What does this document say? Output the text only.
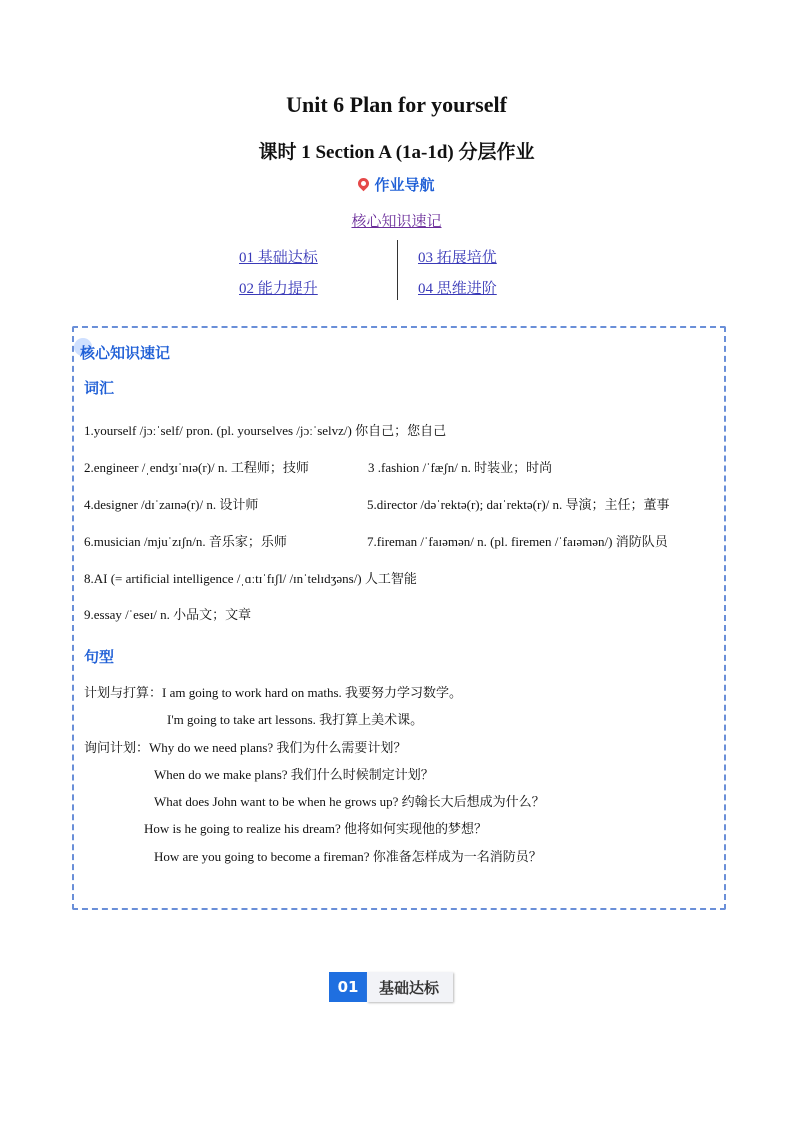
Unit 6 Plan for yourself
课时 1 Section A (1a-1d) 分层作业
作业导航
核心知识速记
01 基础达标	03 拓展培优
02 能力提升	04 思维进阶
核心知识速记
词汇
1.yourself /jɔːˈself/ pron. (pl. yourselves /jɔːˈselvz/) 你自己；您自己
2.engineer /ˌendʒɪˈnɪə(r)/ n. 工程师；技师	3 .fashion /ˈfæʃn/ n. 时装业；时尚
4.designer /dɪˈzaɪnə(r)/ n. 设计师	5.director /dəˈrektə(r); daɪˈrektə(r)/ n. 导演；主任；董事
6.musician /mjuˈzɪʃn/n. 音乐家；乐师	7.fireman /ˈfaɪəmən/ n. (pl. firemen /ˈfaɪəmən/) 消防队员
8.AI (= artificial intelligence /ˌɑːtɪˈfɪʃl/ /ɪnˈtelɪdʒəns/) 人工智能
9.essay /ˈeseɪ/ n. 小品文；文章
句型
计划与打算：I am going to work hard on maths. 我要努力学习数学。
I'm going to take art lessons. 我打算上美术课。
询问计划：Why do we need plans? 我们为什么需要计划？
When do we make plans? 我们什么时候制定计划？
What does John want to be when he grows up? 约翰长大后想成为什么？
How is he going to realize his dream? 他将如何实现他的梦想？
How are you going to become a fireman? 你准备怎样成为一名消防员？
01	基础达标
